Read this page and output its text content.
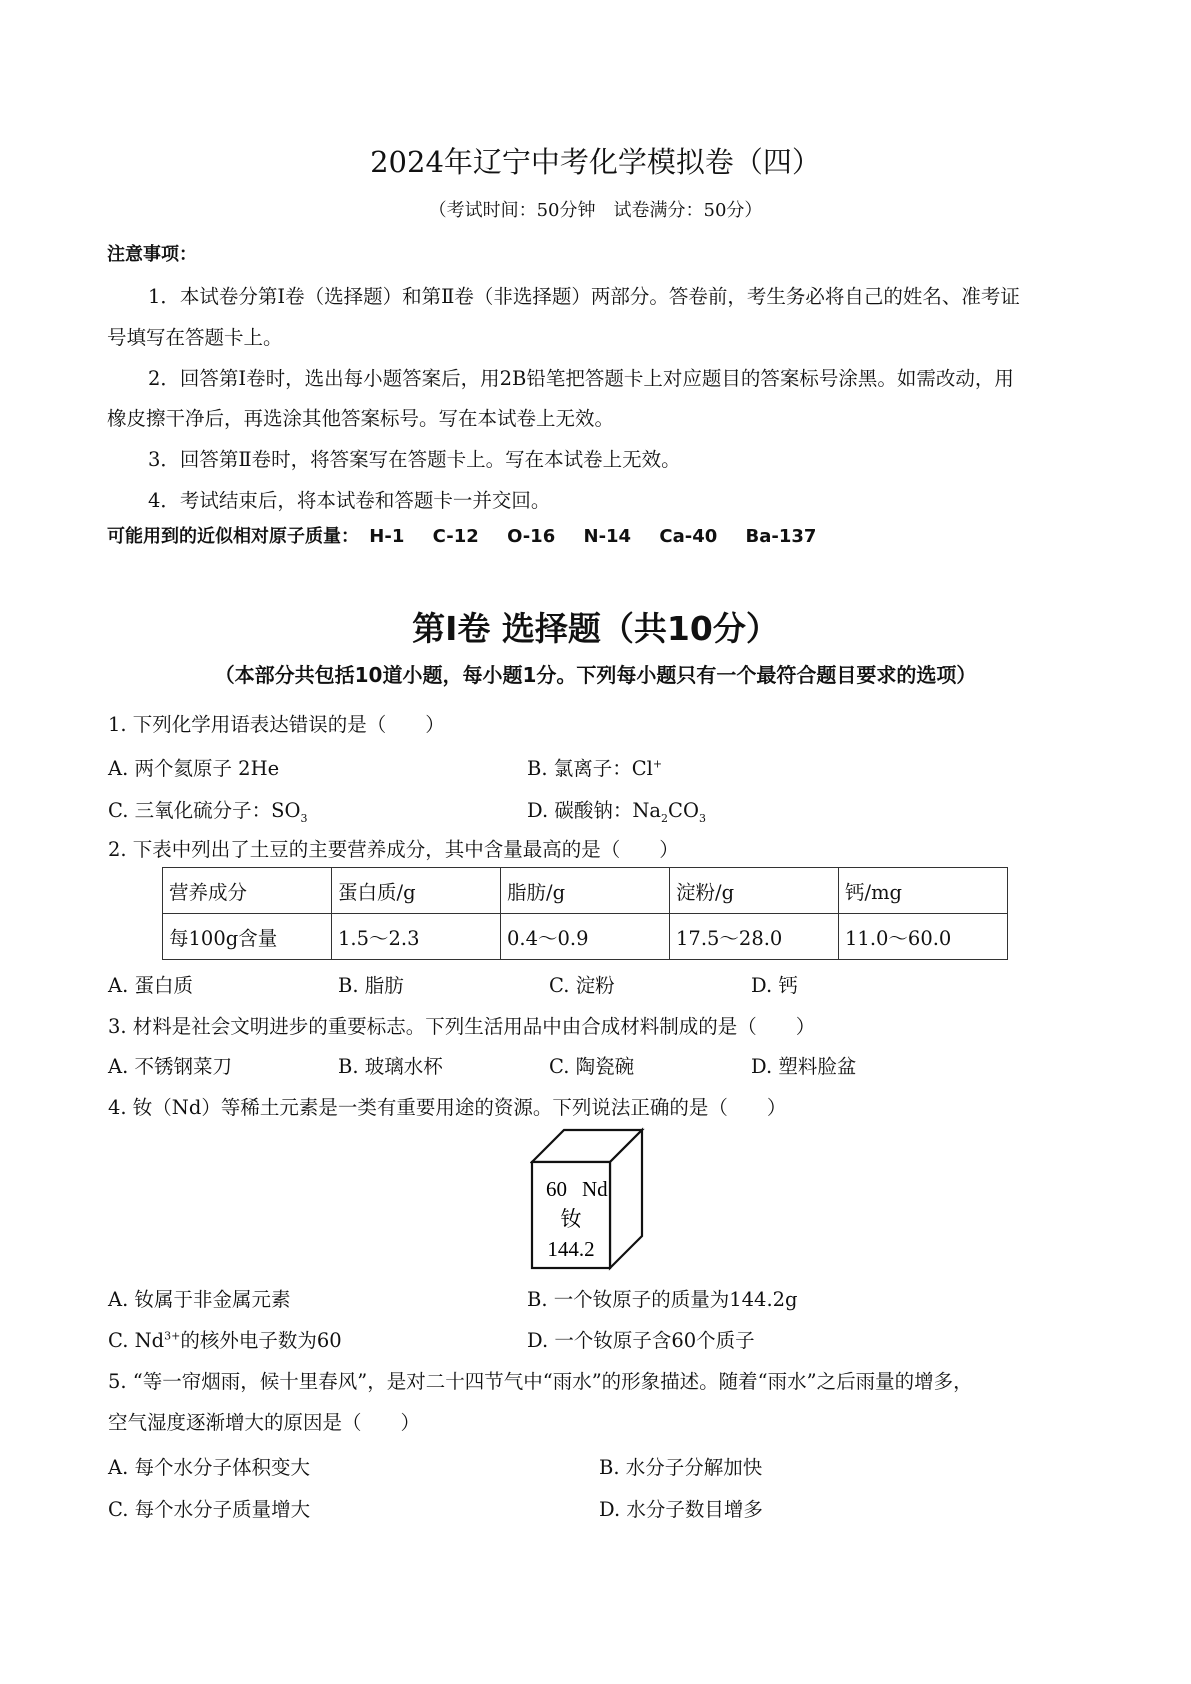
2024年辽宁中考化学模拟卷（四）
（考试时间：50分钟　试卷满分：50分）
注意事项：
1．本试卷分第Ⅰ卷（选择题）和第Ⅱ卷（非选择题）两部分。答卷前，考生务必将自己的姓名、准考证
号填写在答题卡上。
2．回答第Ⅰ卷时，选出每小题答案后，用2B铅笔把答题卡上对应题目的答案标号涂黑。如需改动，用
橡皮擦干净后，再选涂其他答案标号。写在本试卷上无效。
3．回答第Ⅱ卷时，将答案写在答题卡上。写在本试卷上无效。
4．考试结束后，将本试卷和答题卡一并交回。
可能用到的近似相对原子质量： H-1 C-12 O-16 N-14 Ca-40 Ba-137
第Ⅰ卷 选择题（共10分）
（本部分共包括10道小题，每小题1分。下列每小题只有一个最符合题目要求的选项）
1. 下列化学用语表达错误的是（　　）
A. 两个氦原子 2He	B. 氯离子：Cl+
C. 三氧化硫分子：$SO_3$	D. 碳酸钠：$Na_2CO_3$
2. 下表中列出了土豆的主要营养成分，其中含量最高的是（　　）
营养成分	蛋白质/g	脂肪/g	淀粉/g	钙/mg
每100g含量	1.5～2.3	0.4～0.9	17.5～28.0	11.0～60.0
A. 蛋白质	B. 脂肪	C. 淀粉	D. 钙
3. 材料是社会文明进步的重要标志。下列生活用品中由合成材料制成的是（　　）
A. 不锈钢菜刀	B. 玻璃水杯	C. 陶瓷碗	D. 塑料脸盆
4. 钕（Nd）等稀土元素是一类有重要用途的资源。下列说法正确的是（　　）
60 Nd
钕
144.2
A. 钕属于非金属元素	B. 一个钕原子的质量为144.2g
C. $Nd^{3+}$的核外电子数为60	D. 一个钕原子含60个质子
5. “等一帘烟雨，候十里春风”，是对二十四节气中“雨水”的形象描述。随着“雨水”之后雨量的增多，
空气湿度逐渐增大的原因是（　　）
A. 每个水分子体积变大	B. 水分子分解加快
C. 每个水分子质量增大	D. 水分子数目增多
